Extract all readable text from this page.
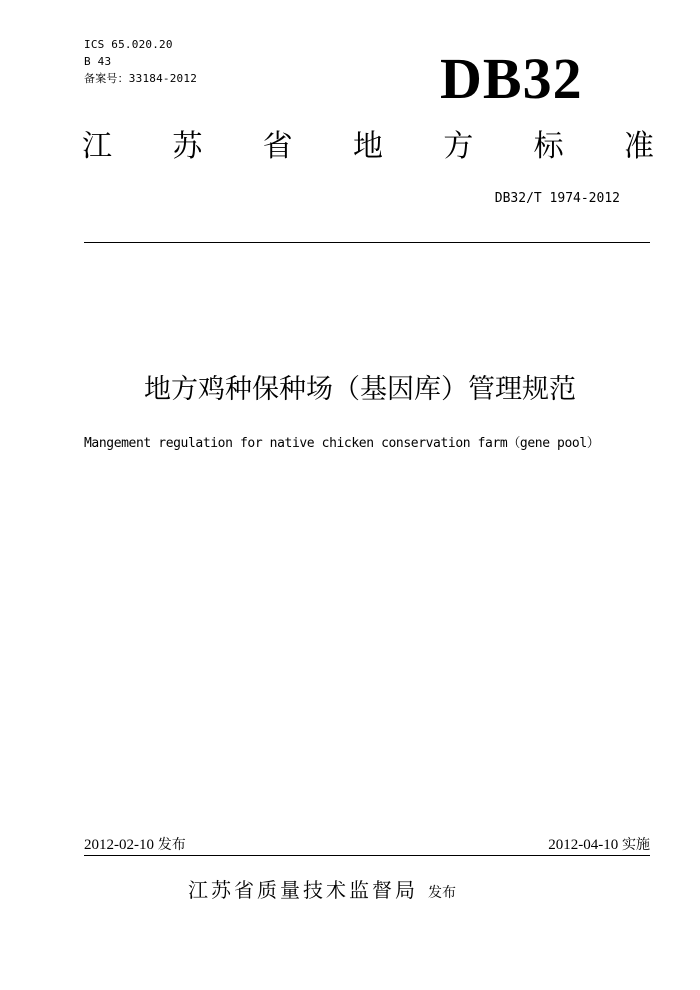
ICS 65.020.20
B 43
备案号：33184-2012	DB32
江 苏 省 地 方 标 准
DB32/T 1974-2012
地方鸡种保种场（基因库）管理规范
Mangement regulation for native chicken conservation farm（gene pool）
2012-02-10 发布	2012-04-10 实施
江苏省质量技术监督局 发布
